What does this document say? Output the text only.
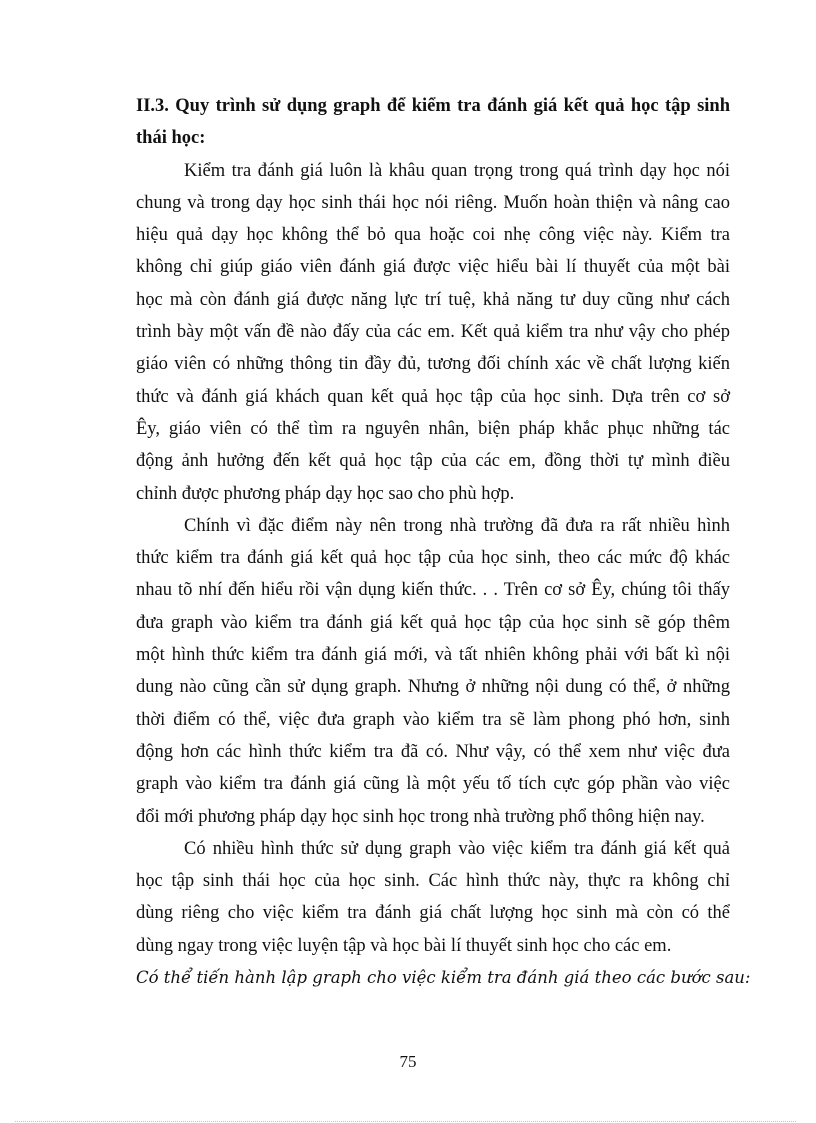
II.3. Quy trình sử dụng graph để kiểm tra đánh giá kết quả học tập sinh
thái học:
Kiểm tra đánh giá luôn là khâu quan trọng trong quá trình dạy học nói
chung và trong dạy học sinh thái học nói riêng. Muốn hoàn thiện và nâng cao
hiệu quả dạy học không thể bỏ qua hoặc coi nhẹ công việc này. Kiểm tra
không chỉ giúp giáo viên đánh giá được việc hiểu bài lí thuyết của một bài
học mà còn đánh giá được năng lực trí tuệ, khả năng tư duy cũng như cách
trình bày một vấn đề nào đấy của các em. Kết quả kiểm tra như vậy cho phép
giáo viên có những thông tin đầy đủ, tương đối chính xác về chất lượng kiến
thức và đánh giá khách quan kết quả học tập của học sinh. Dựa trên cơ sở
Êy, giáo viên có thể tìm ra nguyên nhân, biện pháp khắc phục những tác
động ảnh hưởng đến kết quả học tập của các em, đồng thời tự mình điều
chỉnh được phương pháp dạy học sao cho phù hợp.
Chính vì đặc điểm này nên trong nhà trường đã đưa ra rất nhiều hình
thức kiểm tra đánh giá kết quả học tập của học sinh, theo các mức độ khác
nhau tõ nhí đến hiểu rồi vận dụng kiến thức. . . Trên cơ sở Êy, chúng tôi thấy
đưa graph vào kiểm tra đánh giá kết quả học tập của học sinh sẽ góp thêm
một hình thức kiểm tra đánh giá mới, và tất nhiên không phải với bất kì nội
dung nào cũng cần sử dụng graph. Nhưng ở những nội dung có thể, ở những
thời điểm có thể, việc đưa graph vào kiểm tra sẽ làm phong phó hơn, sinh
động hơn các hình thức kiểm tra đã có. Như vậy, có thể xem như việc đưa
graph vào kiểm tra đánh giá cũng là một yếu tố tích cực góp phần vào việc
đổi mới phương pháp dạy học sinh học trong nhà trường phổ thông hiện nay.
Có nhiều hình thức sử dụng graph vào việc kiểm tra đánh giá kết quả
học tập sinh thái học của học sinh. Các hình thức này, thực ra không chỉ
dùng riêng cho việc kiểm tra đánh giá chất lượng học sinh mà còn có thể
dùng ngay trong việc luyện tập và học bài lí thuyết sinh học cho các em.
Có thể tiến hành lập graph cho việc kiểm tra đánh giá theo các bước sau:
75
